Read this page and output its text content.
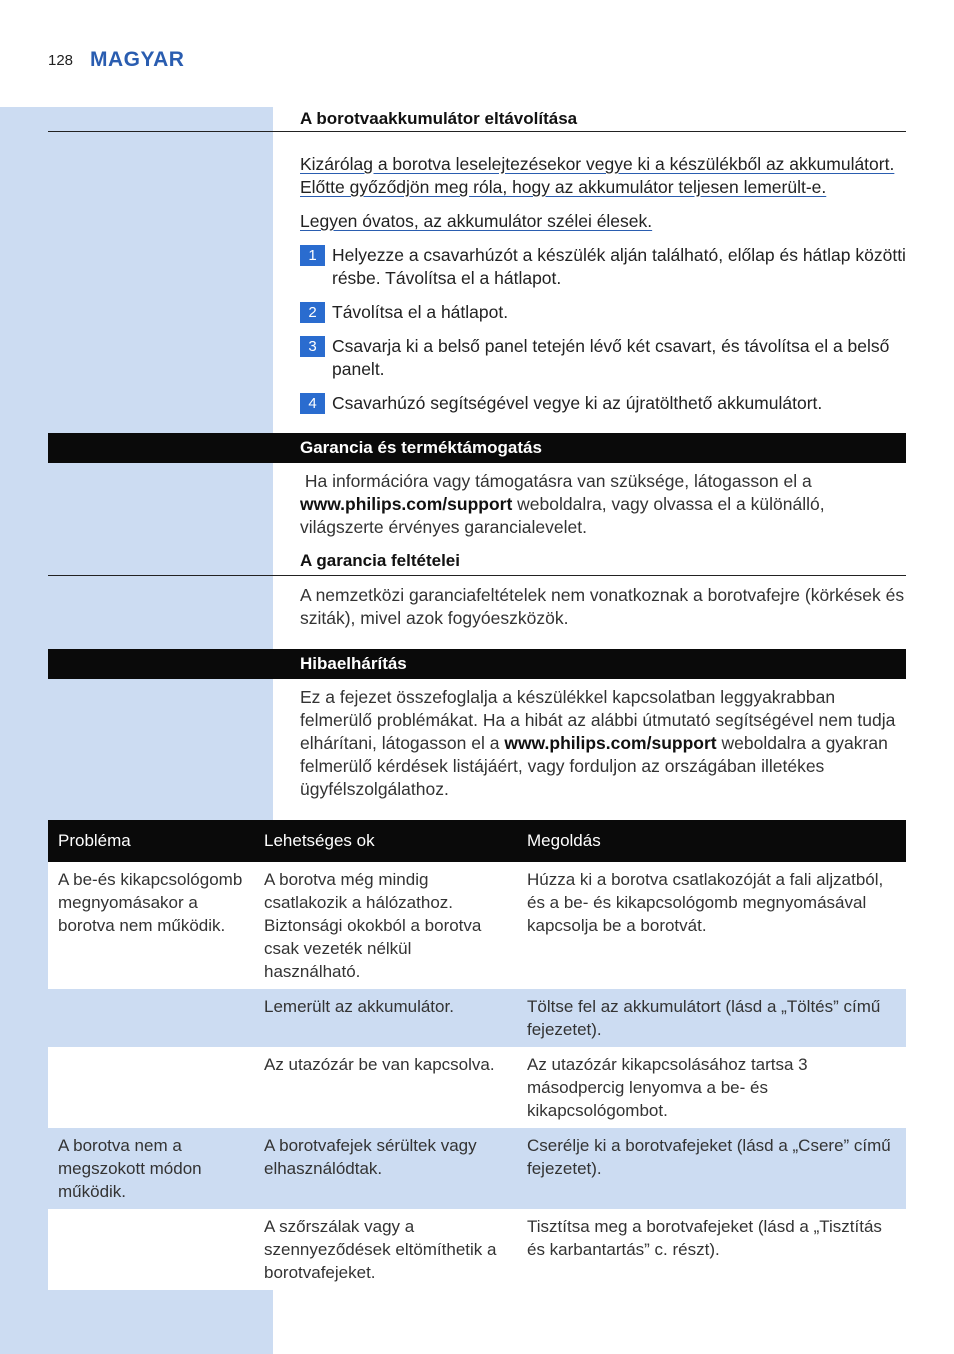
128 MAGYAR
A borotvaakkumulátor eltávolítása
Kizárólag a borotva leselejtezésekor vegye ki a készülékből az akkumulátort.
Előtte győződjön meg róla, hogy az akkumulátor teljesen lemerült-e.
Legyen óvatos, az akkumulátor szélei élesek.
1 Helyezze a csavarhúzót a készülék alján található, előlap és hátlap közötti résbe. Távolítsa el a hátlapot.
2 Távolítsa el a hátlapot.
3 Csavarja ki a belső panel tetején lévő két csavart, és távolítsa el a belső panelt.
4 Csavarhúzó segítségével vegye ki az újratölthető akkumulátort.
Garancia és terméktámogatás
Ha információra vagy támogatásra van szüksége, látogasson el a www.philips.com/support weboldalra, vagy olvassa el a különálló, világszerte érvényes garancialevelet.
A garancia feltételei
A nemzetközi garanciafeltételek nem vonatkoznak a borotvafejre (körkések és sziták), mivel azok fogyóeszközök.
Hibaelhárítás
Ez a fejezet összefoglalja a készülékkel kapcsolatban leggyakrabban felmerülő problémákat. Ha a hibát az alábbi útmutató segítségével nem tudja elhárítani, látogasson el a www.philips.com/support weboldalra a gyakran felmerülő kérdések listájáért, vagy forduljon az országában illetékes ügyfélszolgálathoz.
Probléma	Lehetséges ok	Megoldás
A be-és kikapcsológomb megnyomásakor a borotva nem működik.	A borotva még mindig csatlakozik a hálózathoz. Biztonsági okokból a borotva csak vezeték nélkül használható.	Húzza ki a borotva csatlakozóját a fali aljzatból, és a be- és kikapcsológomb megnyomásával kapcsolja be a borotvát.
	Lemerült az akkumulátor.	Töltse fel az akkumulátort (lásd a „Töltés” című fejezetet).
	Az utazózár be van kapcsolva.	Az utazózár kikapcsolásához tartsa 3 másodpercig lenyomva a be- és kikapcsológombot.
A borotva nem a megszokott módon működik.	A borotvafejek sérültek vagy elhasználódtak.	Cserélje ki a borotvafejeket (lásd a „Csere” című fejezetet).
	A szőrszálak vagy a szennyeződések eltömíthetik a borotvafejeket.	Tisztítsa meg a borotvafejeket (lásd a „Tisztítás és karbantartás” c. részt).
